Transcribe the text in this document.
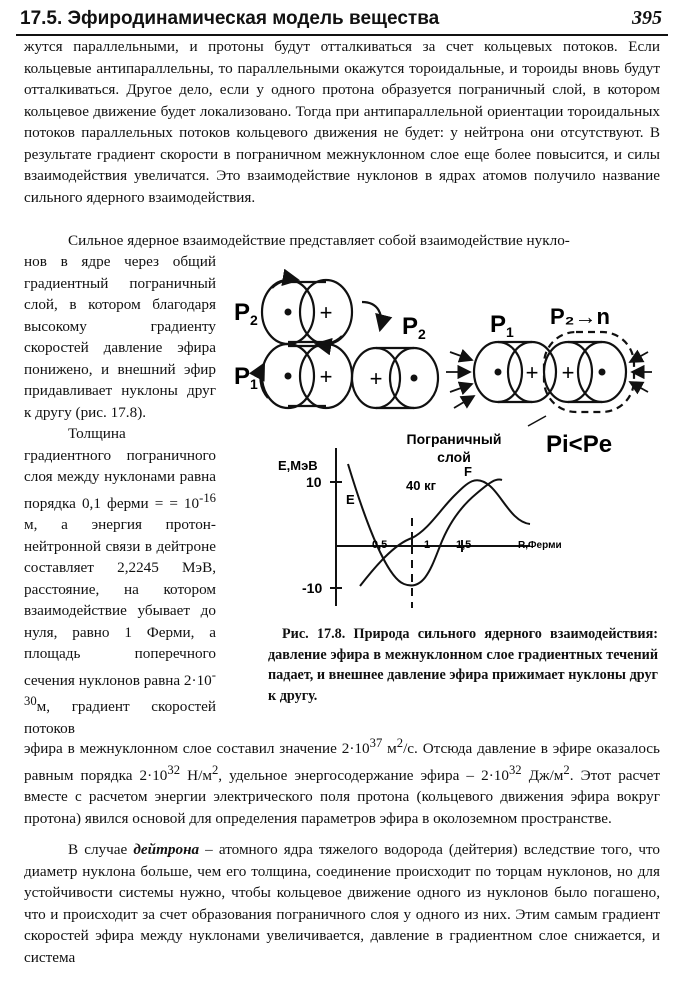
17.5. Эфиродинамическая модель вещества	395

жутся параллельными, и протоны будут отталкиваться за счет кольцевых потоков. Если кольцевые антипараллельны, то параллельными окажутся тороидальные, и тороиды вновь будут отталкиваться. Другое дело, если у одного протона образуется пограничный слой, в котором кольцевое движение будет локализовано. Тогда при антипараллельной ориентации тороидальных потоков параллельных потоков кольцевого движения не будет: у нейтрона они отсутствуют. В результате градиент скорости в пограничном межнуклонном слое еще более повысится, и силы взаимодействия увеличатся. Это взаимодействие нуклонов в ядрах атомов получило название сильного ядерного взаимодействия.

Сильное ядерное взаимодействие представляет собой взаимодействие нукло-

нов в ядре через общий градиентный пограничный слой, в котором благодаря высокому градиенту скоростей давление эфира понижено, и внешний эфир придавливает нуклоны друг к другу (рис. 17.8).

Толщина градиентного пограничного слоя между нуклонами равна порядка 0,1 ферми = = $10^{-16}$ м, а энергия протон-нейтронной связи в дейтроне составляет 2,2245 МэВ, расстояние, на котором взаимодействие убывает до нуля, равно 1 Ферми, а площадь поперечного сечения нуклонов равна $2\cdot 10^{-30}м$, градиент скоростей потоков

+
$P_2$
$P_1$	+
$P_2$
+
$P_1$
P₂→n
+ +
Пограничный
слой	Pi<Pe
E,МэВ
10
-10
0,5	1 1,5	R,Ферми
E
F
40 кг
Рис. 17.8. Природа сильного ядерного взаимодействия: давление эфира в межнуклонном слое градиентных течений падает, и внешнее давление эфира прижимает нуклоны друг к другу.

эфира в межнуклонном слое составил значение $2\cdot 10^{37}$ $м^2/с$. Отсюда давление в эфире оказалось равным порядка $2\cdot 10^{32}$ $Н/м^2$, удельное энергосодержание эфира – $2\cdot 10^{32}$ $Дж/м^2$. Этот расчет вместе с расчетом энергии электрического поля протона (кольцевого движения эфира вокруг протона) явился основой для определения параметров эфира в околоземном пространстве.

В случае дейтрона – атомного ядра тяжелого водорода (дейтерия) вследствие того, что диаметр нуклона больше, чем его толщина, соединение происходит по торцам нуклонов, но для устойчивости системы нужно, чтобы кольцевое движение одного из нуклонов было погашено, что и происходит за счет образования пограничного слоя у одного из них. Этим самым градиент скоростей эфира между нуклонами увеличивается, давление в градиентном слое снижается, и система
